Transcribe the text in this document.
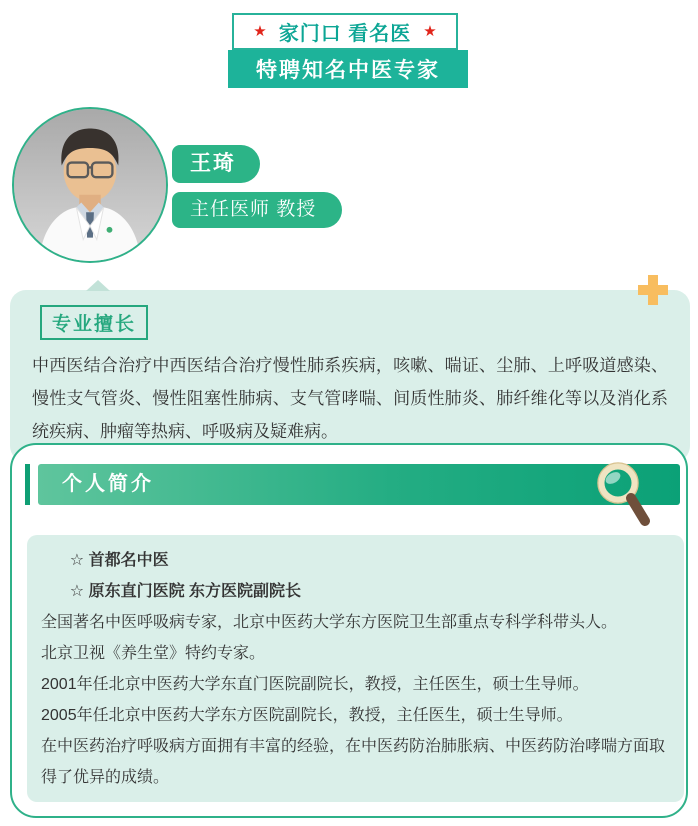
★ 家门口 看名医 ★
特聘知名中医专家
王琦
主任医师 教授
专业擅长

中西医结合治疗中西医结合治疗慢性肺系疾病，咳嗽、喘证、尘肺、上呼吸道感染、慢性支气管炎、慢性阻塞性肺病、支气管哮喘、间质性肺炎、肺纤维化等以及消化系统疾病、肿瘤等热病、呼吸病及疑难病。

个人简介

☆ 首都名中医

☆ 原东直门医院 东方医院副院长

全国著名中医呼吸病专家，北京中医药大学东方医院卫生部重点专科学科带头人。

北京卫视《养生堂》特约专家。

2001年任北京中医药大学东直门医院副院长，教授，主任医生，硕士生导师。

2005年任北京中医药大学东方医院副院长，教授，主任医生，硕士生导师。

在中医药治疗呼吸病方面拥有丰富的经验，在中医药防治肺胀病、中医药防治哮喘方面取得了优异的成绩。
